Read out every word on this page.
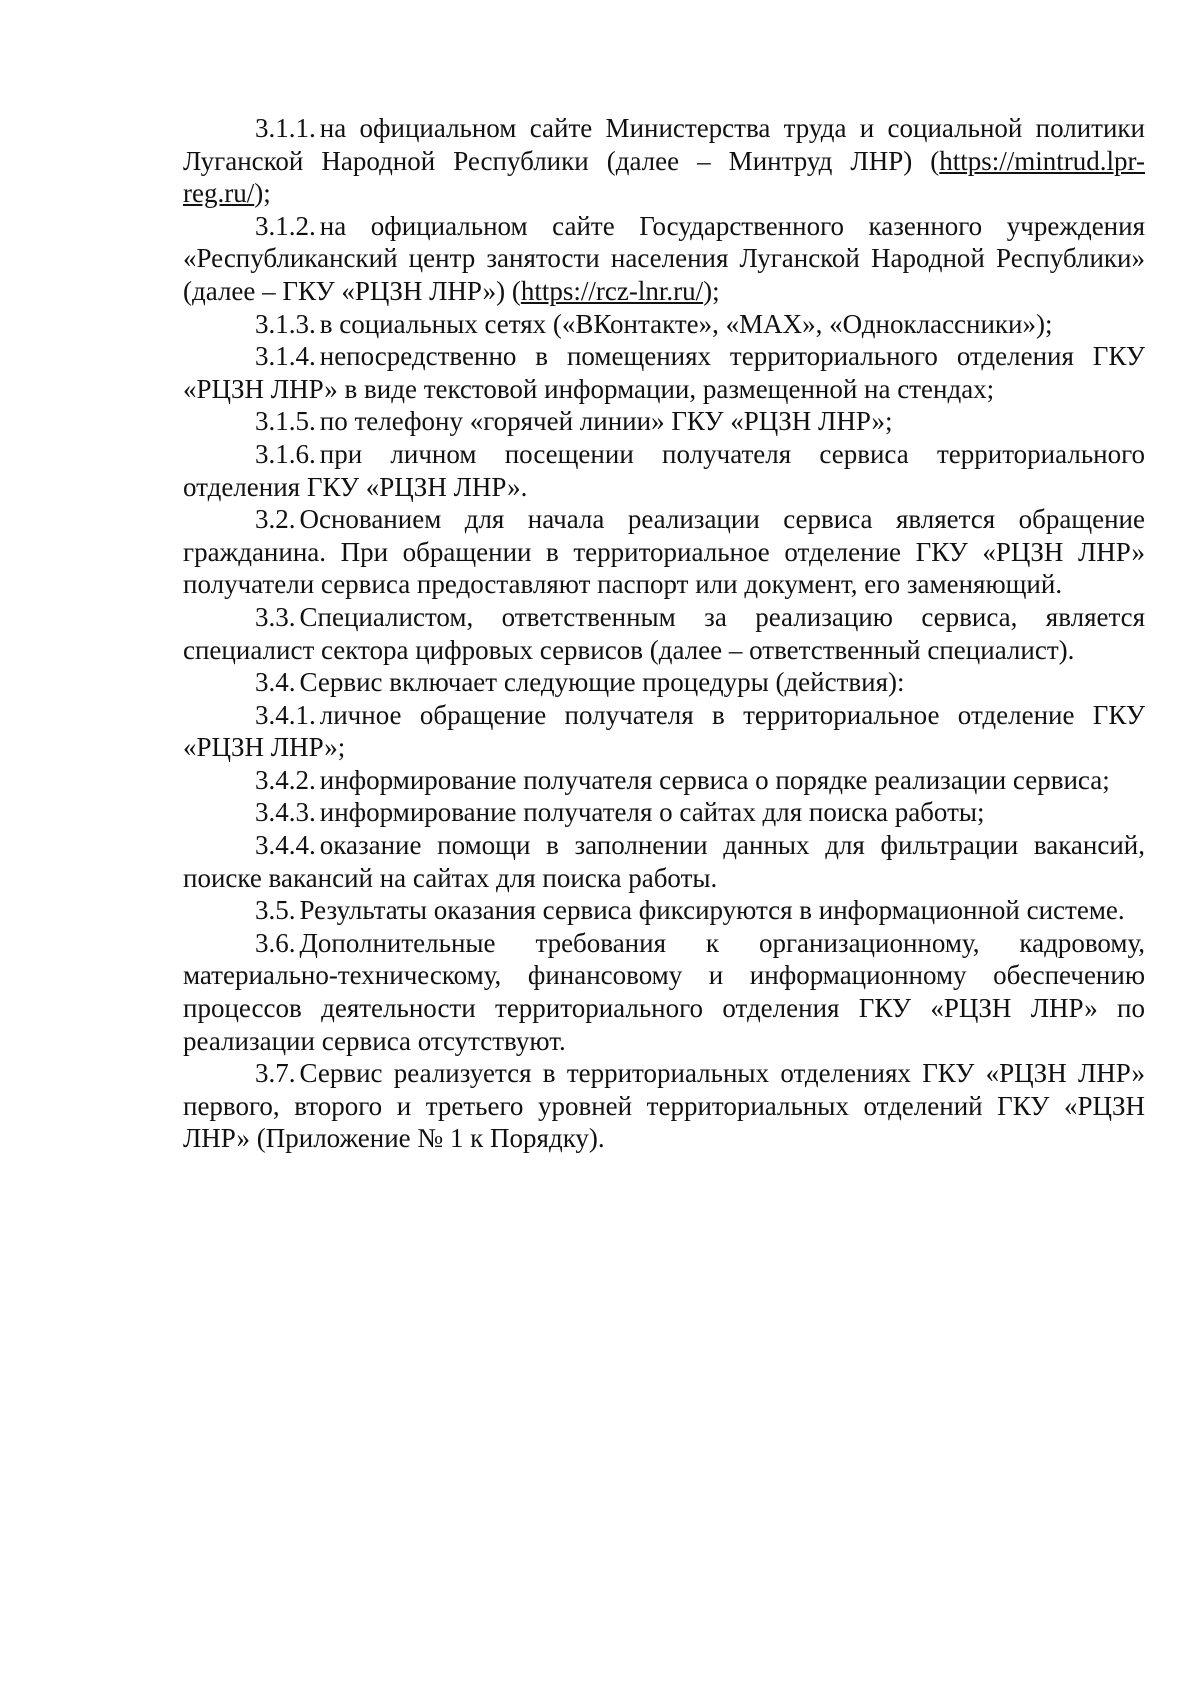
3.1.1. на официальном сайте Министерства труда и социальной политики Луганской Народной Республики (далее – Минтруд ЛНР) (https://mintrud.lpr-reg.ru/);

3.1.2. на официальном сайте Государственного казенного учреждения «Республиканский центр занятости населения Луганской Народной Республики» (далее – ГКУ «РЦЗН ЛНР») (https://rcz-lnr.ru/);

3.1.3. в социальных сетях («ВКонтакте», «МАХ», «Одноклассники»);

3.1.4. непосредственно в помещениях территориального отделения ГКУ «РЦЗН ЛНР» в виде текстовой информации, размещенной на стендах;

3.1.5. по телефону «горячей линии» ГКУ «РЦЗН ЛНР»;

3.1.6. при личном посещении получателя сервиса территориального отделения ГКУ «РЦЗН ЛНР».

3.2. Основанием для начала реализации сервиса является обращение гражданина. При обращении в территориальное отделение ГКУ «РЦЗН ЛНР» получатели сервиса предоставляют паспорт или документ, его заменяющий.

3.3. Специалистом, ответственным за реализацию сервиса, является специалист сектора цифровых сервисов (далее – ответственный специалист).

3.4. Сервис включает следующие процедуры (действия):

3.4.1. личное обращение получателя в территориальное отделение ГКУ «РЦЗН ЛНР»;

3.4.2. информирование получателя сервиса о порядке реализации сервиса;

3.4.3. информирование получателя о сайтах для поиска работы;

3.4.4. оказание помощи в заполнении данных для фильтрации вакансий, поиске вакансий на сайтах для поиска работы.

3.5. Результаты оказания сервиса фиксируются в информационной системе.

3.6. Дополнительные требования к организационному, кадровому, материально-техническому, финансовому и информационному обеспечению процессов деятельности территориального отделения ГКУ «РЦЗН ЛНР» по реализации сервиса отсутствуют.

3.7. Сервис реализуется в территориальных отделениях ГКУ «РЦЗН ЛНР» первого, второго и третьего уровней территориальных отделений ГКУ «РЦЗН ЛНР» (Приложение № 1 к Порядку).
